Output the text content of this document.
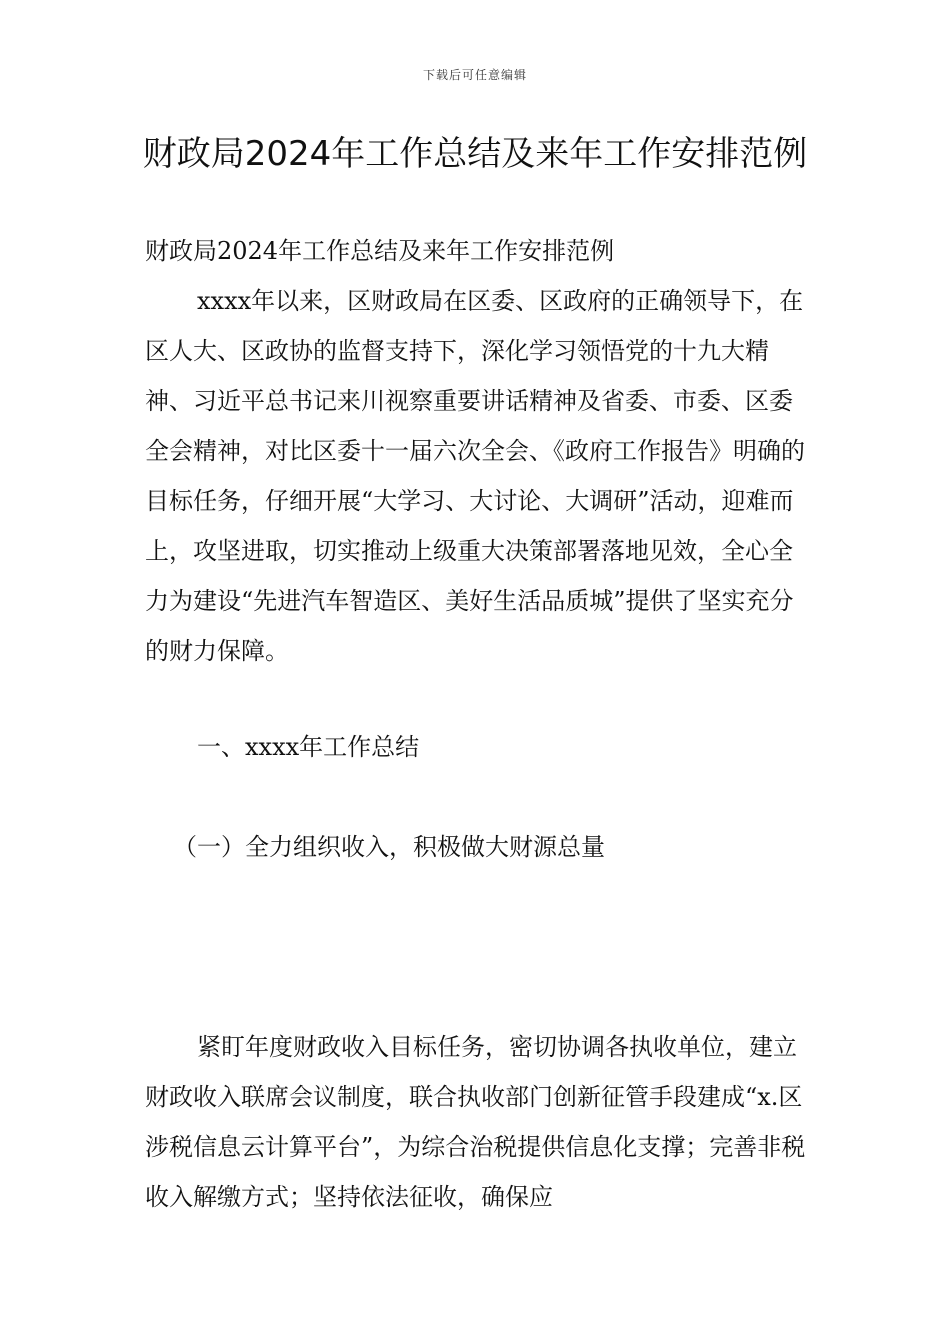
下载后可任意编辑
财政局2024年工作总结及来年工作安排范例

财政局2024年工作总结及来年工作安排范例

xxxx年以来，区财政局在区委、区政府的正确领导下，在区人大、区政协的监督支持下，深化学习领悟党的十九大精神、习近平总书记来川视察重要讲话精神及省委、市委、区委全会精神，对比区委十一届六次全会、《政府工作报告》明确的目标任务，仔细开展“大学习、大讨论、大调研”活动，迎难而上，攻坚进取，切实推动上级重大决策部署落地见效，全心全力为建设“先进汽车智造区、美好生活品质城”提供了坚实充分的财力保障。

一、xxxx年工作总结

（一）全力组织收入，积极做大财源总量

紧盯年度财政收入目标任务，密切协调各执收单位，建立财政收入联席会议制度，联合执收部门创新征管手段建成“x.区涉税信息云计算平台”，为综合治税提供信息化支撑；完善非税收入解缴方式；坚持依法征收，确保应
